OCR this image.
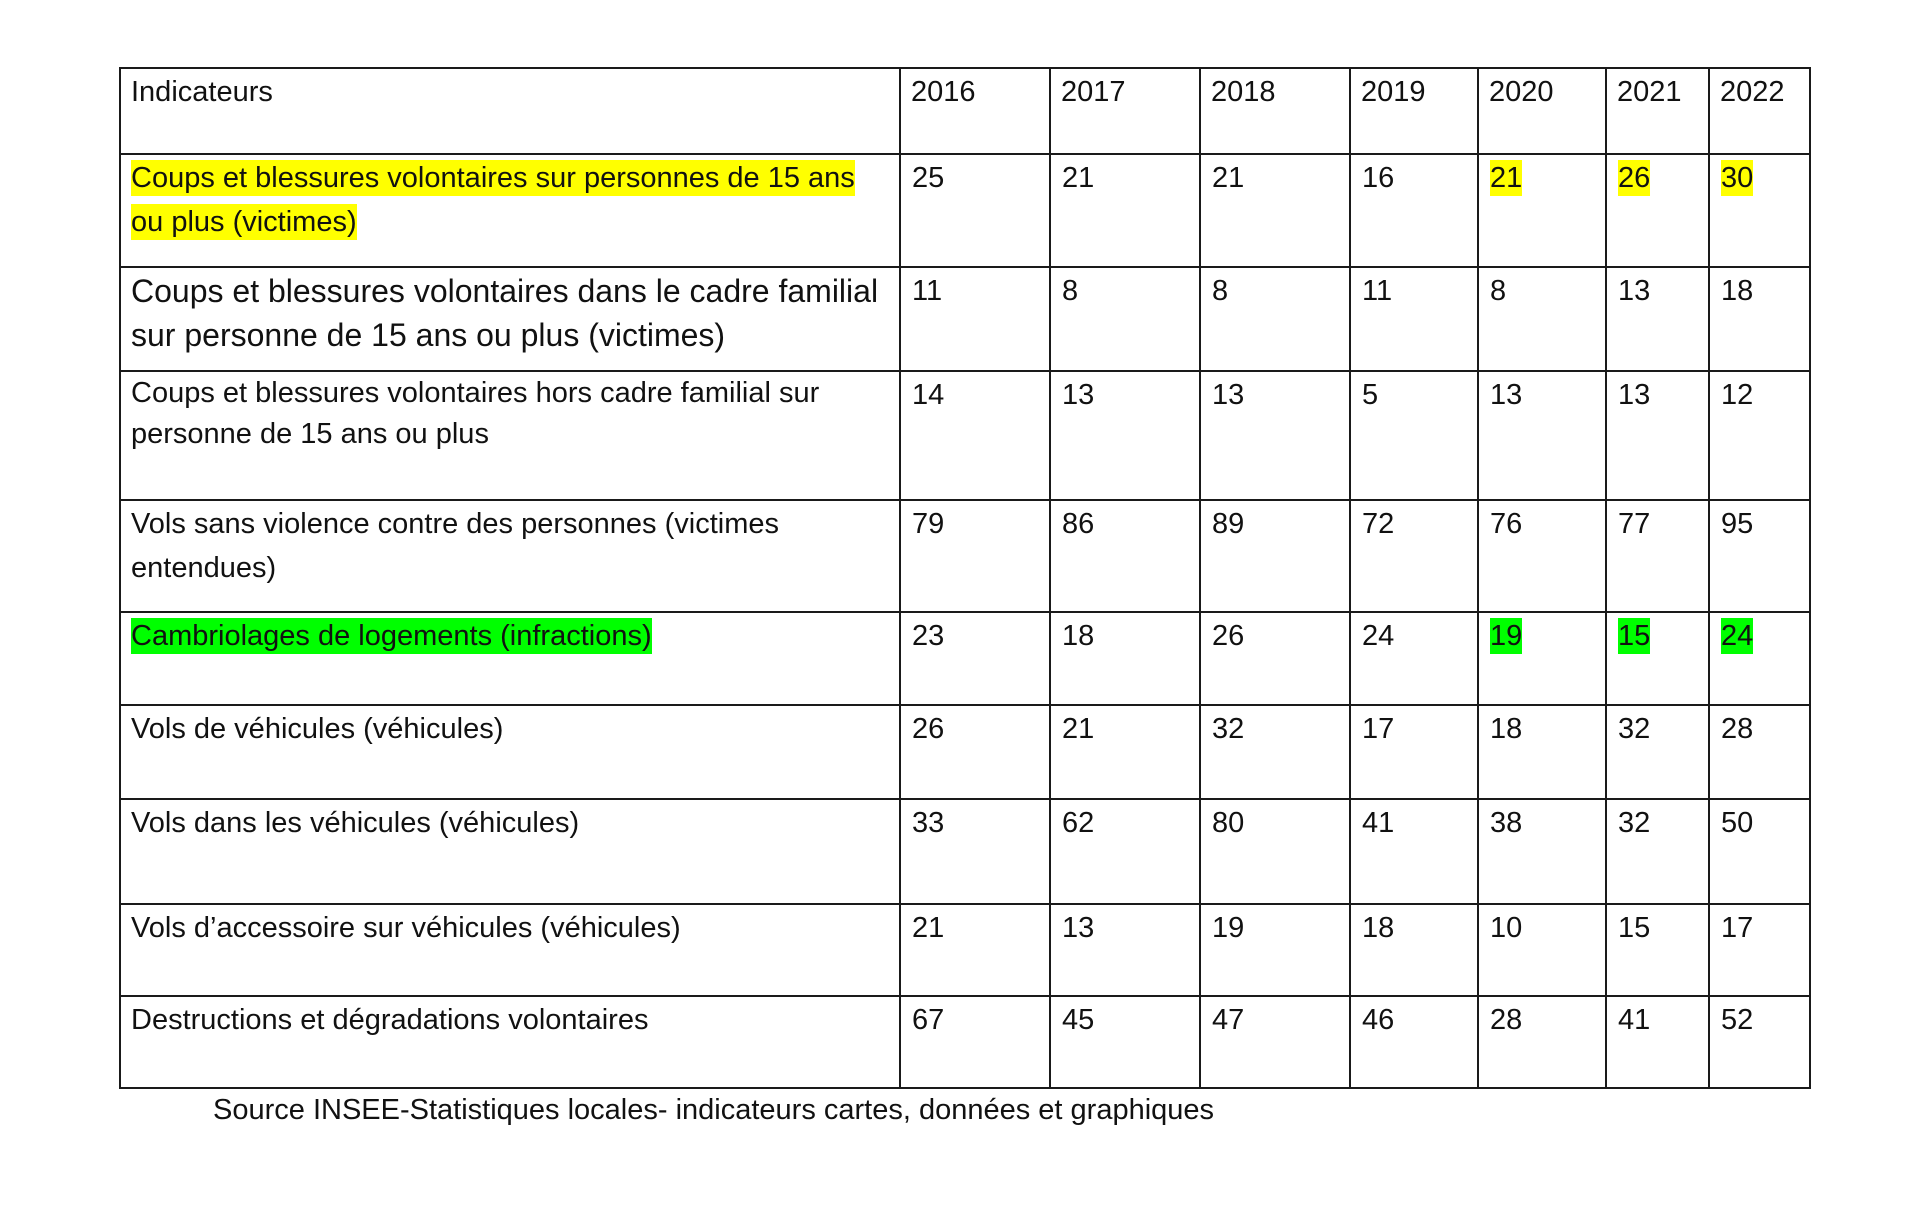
Indicateurs	2016	2017	2018	2019	2020	2021	2022
Coups et blessures volontaires sur personnes de 15 ans ou plus (victimes)	25	21	21	16	21	26	30
Coups et blessures volontaires dans le cadre familial sur personne de 15 ans ou plus (victimes)	11	8	8	11	8	13	18
Coups et blessures volontaires hors cadre familial sur personne de 15 ans ou plus	14	13	13	5	13	13	12
Vols sans violence contre des personnes (victimes entendues)	79	86	89	72	76	77	95
Cambriolages de logements (infractions)	23	18	26	24	19	15	24
Vols de véhicules (véhicules)	26	21	32	17	18	32	28
Vols dans les véhicules (véhicules)	33	62	80	41	38	32	50
Vols d’accessoire sur véhicules (véhicules)	21	13	19	18	10	15	17
Destructions et dégradations volontaires	67	45	47	46	28	41	52
Source INSEE-Statistiques locales- indicateurs cartes, données et graphiques
